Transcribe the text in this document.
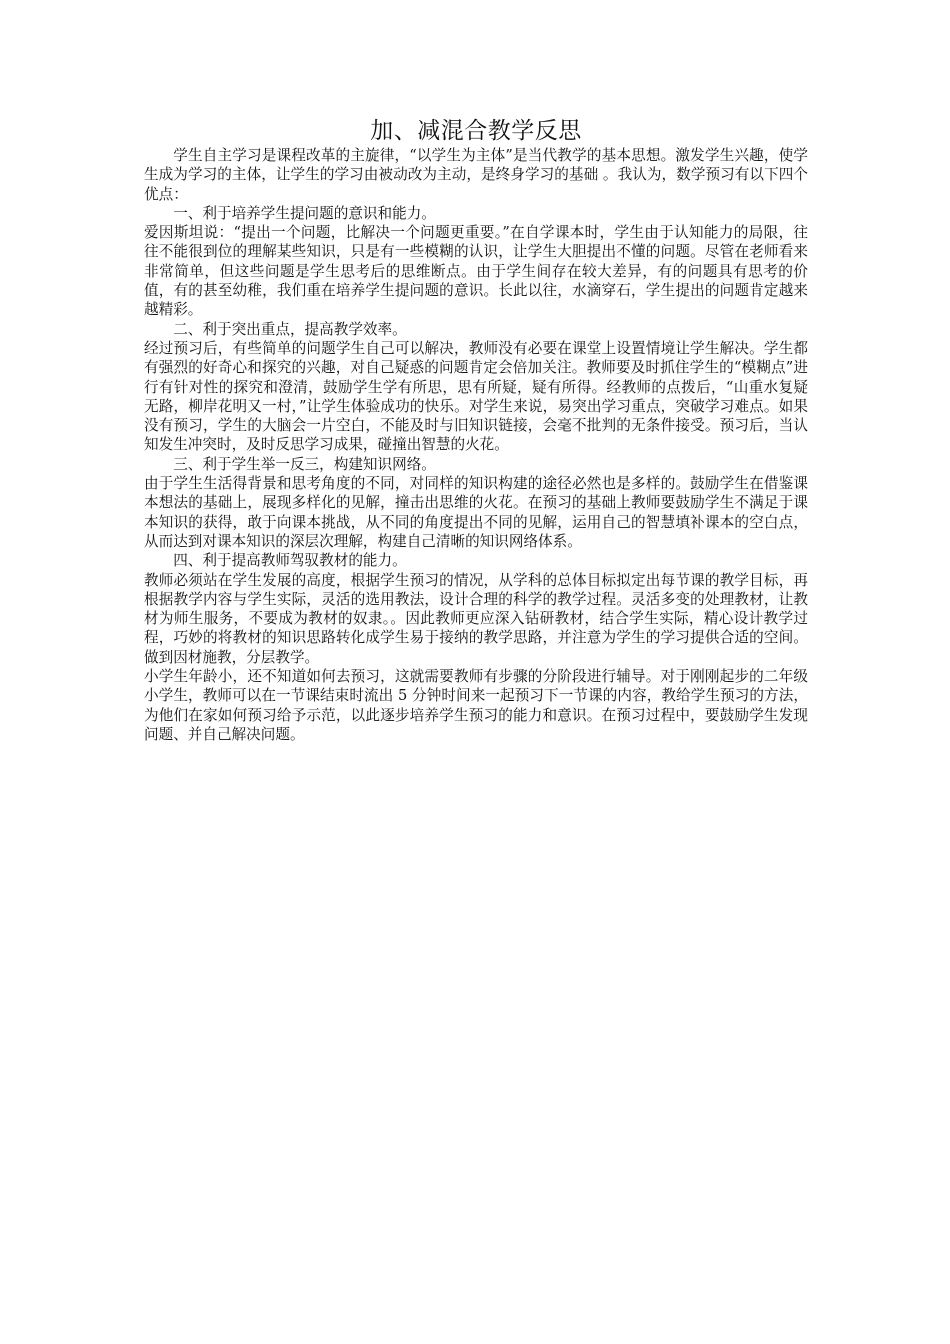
加、减混合教学反思

学生自主学习是课程改革的主旋律，“以学生为主体”是当代教学的基本思想。激发学生兴趣，使学生成为学习的主体，让学生的学习由被动改为主动，是终身学习的基础 。我认为，数学预习有以下四个优点：

一、利于培养学生提问题的意识和能力。

爱因斯坦说：“提出一个问题，比解决一个问题更重要。”在自学课本时，学生由于认知能力的局限，往往不能很到位的理解某些知识，只是有一些模糊的认识，让学生大胆提出不懂的问题。尽管在老师看来非常简单，但这些问题是学生思考后的思维断点。由于学生间存在较大差异，有的问题具有思考的价值，有的甚至幼稚，我们重在培养学生提问题的意识。长此以往，水滴穿石，学生提出的问题肯定越来越精彩。

二、利于突出重点，提高教学效率。

经过预习后，有些简单的问题学生自己可以解决，教师没有必要在课堂上设置情境让学生解决。学生都有强烈的好奇心和探究的兴趣，对自己疑惑的问题肯定会倍加关注。教师要及时抓住学生的“模糊点”进行有针对性的探究和澄清，鼓励学生学有所思，思有所疑，疑有所得。经教师的点拨后，“山重水复疑无路，柳岸花明又一村，”让学生体验成功的快乐。对学生来说，易突出学习重点，突破学习难点。如果没有预习，学生的大脑会一片空白，不能及时与旧知识链接，会毫不批判的无条件接受。预习后，当认知发生冲突时，及时反思学习成果，碰撞出智慧的火花。

三、利于学生举一反三，构建知识网络。

由于学生生活得背景和思考角度的不同，对同样的知识构建的途径必然也是多样的。鼓励学生在借鉴课本想法的基础上，展现多样化的见解，撞击出思维的火花。在预习的基础上教师要鼓励学生不满足于课本知识的获得，敢于向课本挑战，从不同的角度提出不同的见解，运用自己的智慧填补课本的空白点，从而达到对课本知识的深层次理解，构建自己清晰的知识网络体系。

四、利于提高教师驾驭教材的能力。

教师必须站在学生发展的高度，根据学生预习的情况，从学科的总体目标拟定出每节课的教学目标，再根据教学内容与学生实际，灵活的选用教法，设计合理的科学的教学过程。灵活多变的处理教材，让教材为师生服务，不要成为教材的奴隶。。因此教师更应深入钻研教材，结合学生实际，精心设计教学过程，巧妙的将教材的知识思路转化成学生易于接纳的教学思路，并注意为学生的学习提供合适的空间。做到因材施教，分层教学。

小学生年龄小，还不知道如何去预习，这就需要教师有步骤的分阶段进行辅导。对于刚刚起步的二年级小学生，教师可以在一节课结束时流出 5 分钟时间来一起预习下一节课的内容，教给学生预习的方法，为他们在家如何预习给予示范，以此逐步培养学生预习的能力和意识。在预习过程中，要鼓励学生发现问题、并自己解决问题。
